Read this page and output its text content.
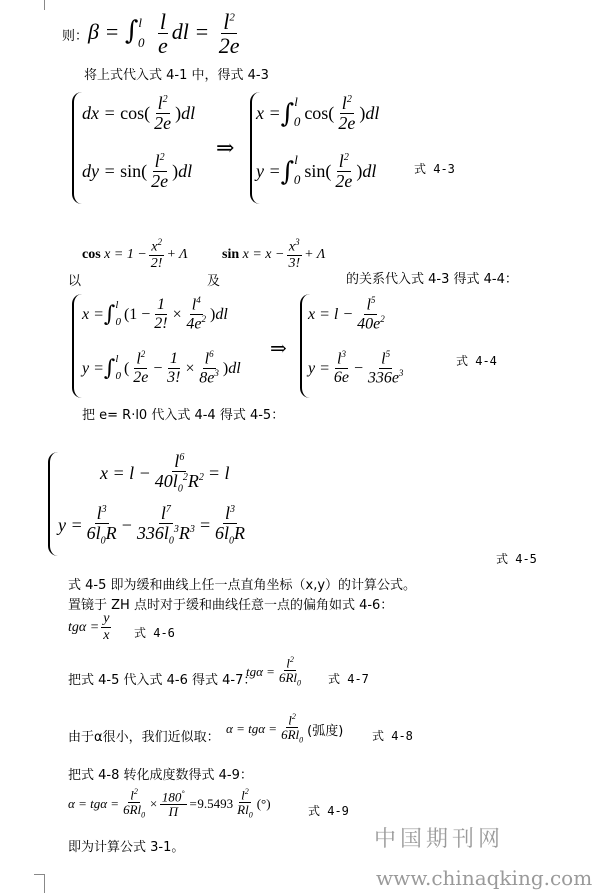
则： $\beta = \int^l_0 \frac{l}{e}$ dl = $\frac{l^2}{2e}$
将上式代入式 4-1 中，得式 4-3
dx = $\cos( \frac{l^2}{2e}$ ) dl
dy = $\sin( \frac{l^2}{2e}$ ) dl
⇒
x = ∫ l
0 $\cos( \frac{l^2}{2e}$ ) dl
y = ∫ l
0 $\sin( \frac{l^2}{2e}$ ) dl	式 4-3
以
$\cos x = 1 - \frac{x^2}{2!} + \Lambda$
及
$\sin x = x - \frac{x^3}{3!} + \Lambda$
的关系代入式 4-3 得式 4-4：
x = ∫ l
0 ($1 - \frac{1}{2!} \times \frac{l^4}{4e^2}$ ) dl
y = ∫ l
0 ( $\frac{l^2}{2e} - \frac{1}{3!} \times \frac{l^6}{8e^3}$ ) dl
⇒
$x = l - \frac{l^5}{40e^2}$
$y = \frac{l^3}{6e} - \frac{l^5}{336e^3}$	式 4-4
把 e= R·l0 代入式 4-4 得式 4-5：
$x = l - \frac{l^6}{40l_0^2R^2} = l$
$y = \frac{l^3}{6l_0R} - \frac{l^7}{336l_0^3R^3} = \frac{l^3}{6l_0R}$
式 4-5
式 4-5 即为缓和曲线上任一点直角坐标（x,y）的计算公式。
置镜于 ZH 点时对于缓和曲线任意一点的偏角如式 4-6：
$tg\alpha = \frac{y}{x}$ 式 4-6
把式 4-5 代入式 4-6 得式 4-7：
$tg\alpha = \frac{l^2}{6Rl_0}$ 式 4-7
由于α很小，我们近似取：
$\alpha = tg\alpha = \frac{l^2}{6Rl_0}$ (弧度) 式 4-8
把式 4-8 转化成度数得式 4-9：
$\alpha = tg\alpha = \frac{l^2}{6Rl_0} \times \frac{180^\circ}{\Pi} = 9.5493 \frac{l^2}{Rl_0}$ (°)	式 4-9
即为计算公式 3-1。	中国期刊网
www.chinaqking.com
